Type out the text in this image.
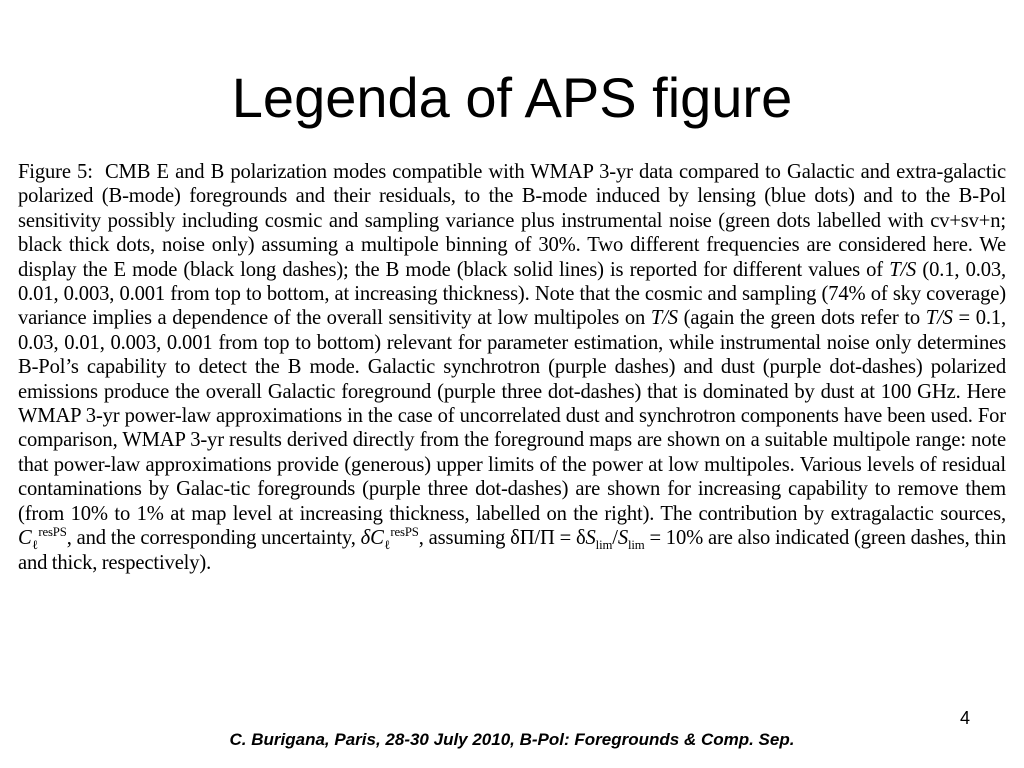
Legenda of APS figure

Figure 5: CMB E and B polarization modes compatible with WMAP 3-yr data compared to Galactic and extra-galactic polarized (B-mode) foregrounds and their residuals, to the B-mode induced by lensing (blue dots) and to the B-Pol sensitivity possibly including cosmic and sampling variance plus instrumental noise (green dots labelled with cv+sv+n; black thick dots, noise only) assuming a multipole binning of 30%. Two different frequencies are considered here. We display the E mode (black long dashes); the B mode (black solid lines) is reported for different values of T/S (0.1, 0.03, 0.01, 0.003, 0.001 from top to bottom, at increasing thickness). Note that the cosmic and sampling (74% of sky coverage) variance implies a dependence of the overall sensitivity at low multipoles on T/S (again the green dots refer to T/S = 0.1, 0.03, 0.01, 0.003, 0.001 from top to bottom) relevant for parameter estimation, while instrumental noise only determines B-Pol’s capability to detect the B mode. Galactic synchrotron (purple dashes) and dust (purple dot-dashes) polarized emissions produce the overall Galactic foreground (purple three dot-dashes) that is dominated by dust at 100 GHz. Here WMAP 3-yr power-law approximations in the case of uncorrelated dust and synchrotron components have been used. For comparison, WMAP 3-yr results derived directly from the foreground maps are shown on a suitable multipole range: note that power-law approximations provide (generous) upper limits of the power at low multipoles. Various levels of residual contaminations by Galac-tic foregrounds (purple three dot-dashes) are shown for increasing capability to remove them (from 10% to 1% at map level at increasing thickness, labelled on the right). The contribution by extragalactic sources, $C_\ell^{resPS}$, and the corresponding uncertainty, $\delta C_\ell^{resPS}$, assuming $\delta\Pi/\Pi = \delta S_{lim}/S_{lim} = 10\%$ are also indicated (green dashes, thin and thick, respectively).

4
C. Burigana, Paris, 28-30 July 2010, B-Pol: Foregrounds & Comp. Sep.
